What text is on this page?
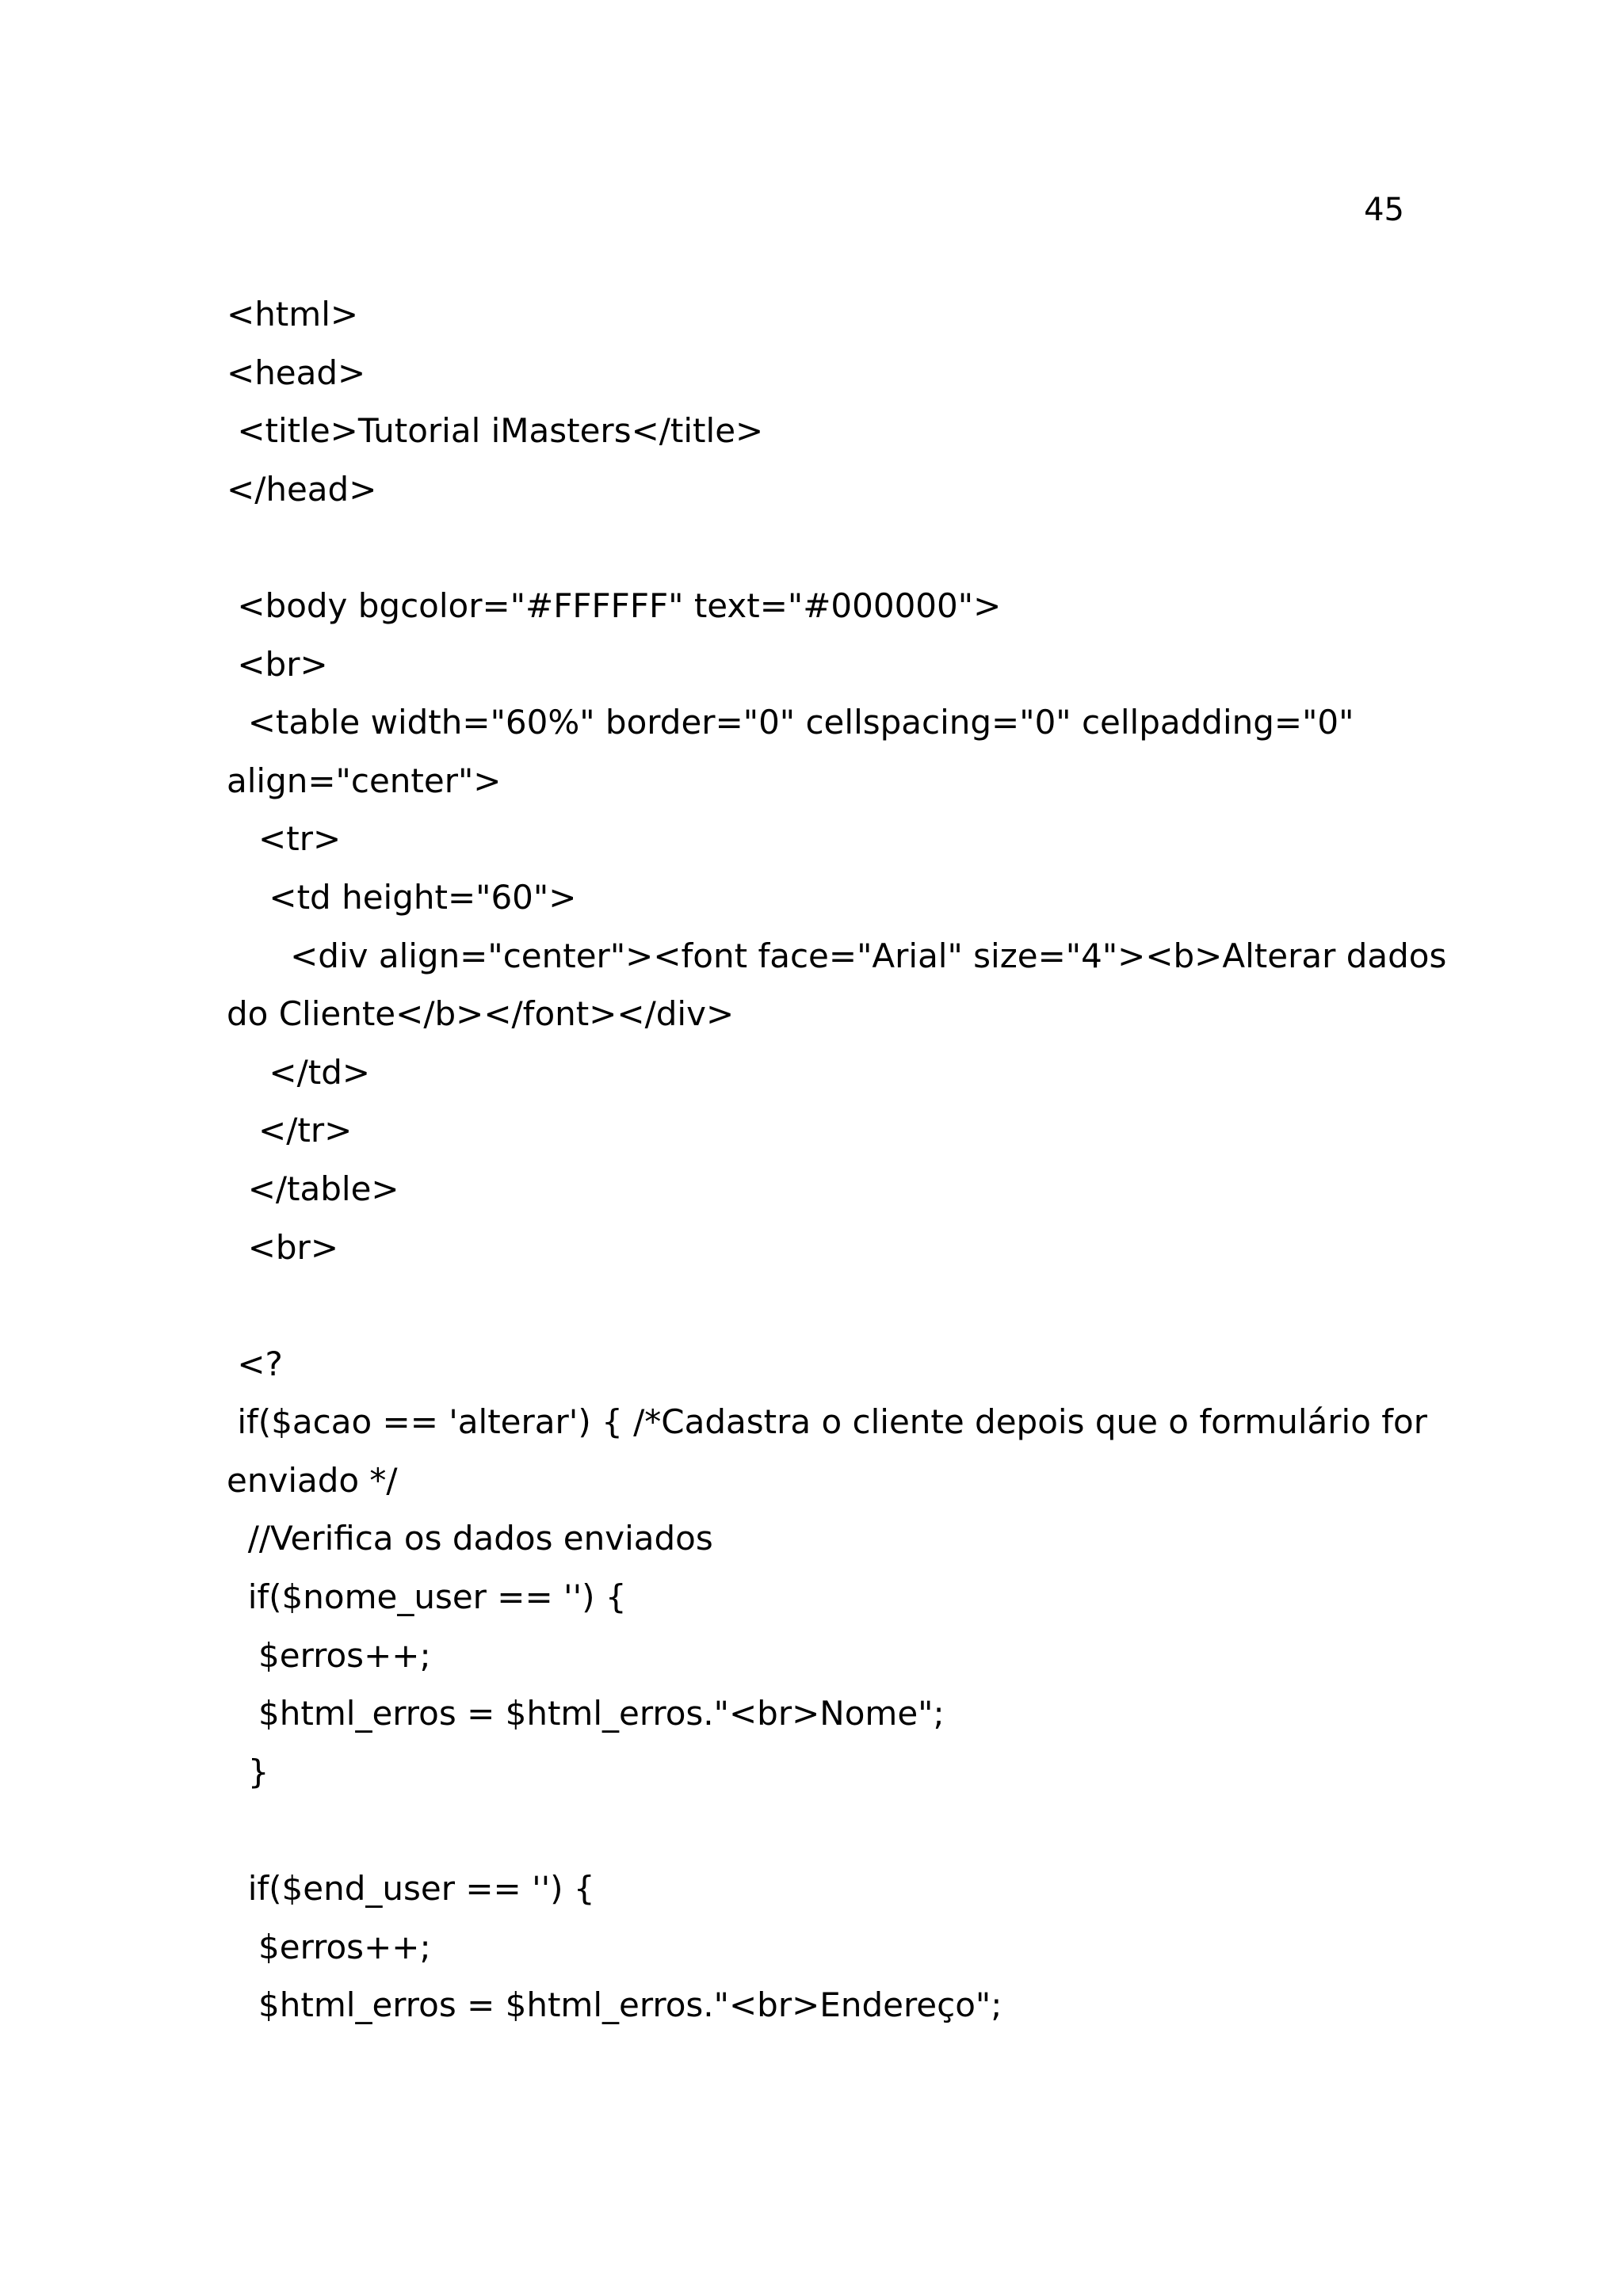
45
<html>
<head>
<title>Tutorial iMasters</title>
</head>
<body bgcolor="#FFFFFF" text="#000000">
<br>
<table width="60%" border="0" cellspacing="0" cellpadding="0"
align="center">
<tr>
<td height="60">
<div align="center"><font face="Arial" size="4"><b>Alterar dados
do Cliente</b></font></div>
</td>
</tr>
</table>
<br>
<?
if($acao == 'alterar') { /*Cadastra o cliente depois que o formulário for
enviado */
//Verifica os dados enviados
if($nome_user == '') {
$erros++;
$html_erros = $html_erros."<br>Nome";
}
if($end_user == '') {
$erros++;
$html_erros = $html_erros."<br>Endereço";
